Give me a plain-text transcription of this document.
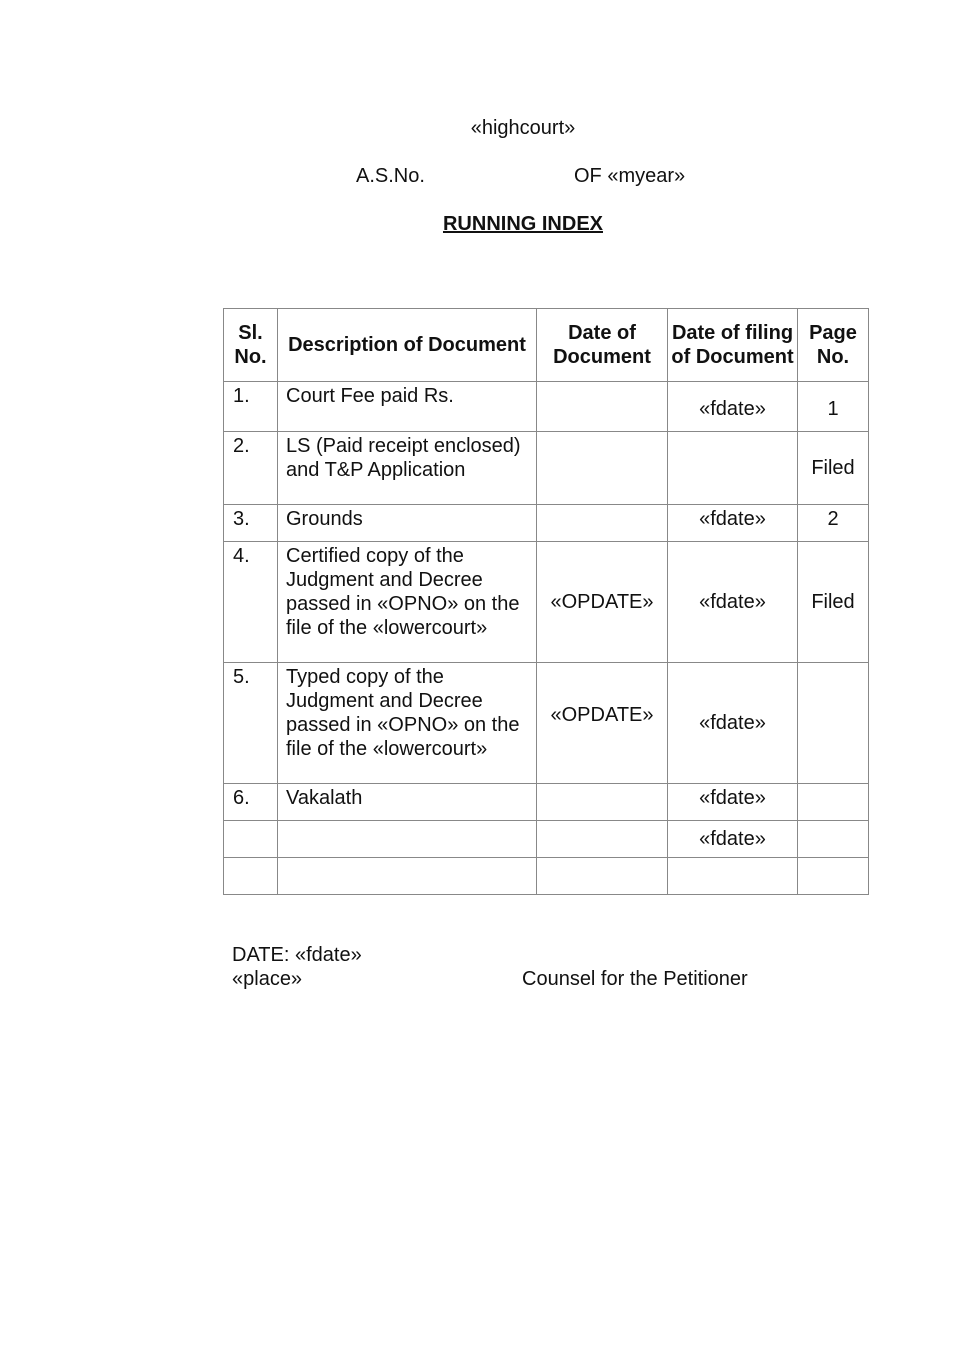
«highcourt»
A.S.No.	OF «myear»
RUNNING INDEX
Sl. No.	Description of Document	Date of Document	Date of filing of Document	Page No.
1.	Court Fee paid Rs.		«fdate»	1
2.	LS (Paid receipt enclosed) and T&P Application			Filed
3.	Grounds		«fdate»	2
4.	Certified copy of the Judgment and Decree passed in «OPNO» on the file of the «lowercourt»	«OPDATE»	«fdate»	Filed
5.	Typed copy of the Judgment and Decree passed in «OPNO» on the file of the «lowercourt»	«OPDATE»	«fdate»	
6.	Vakalath		«fdate»	
			«fdate»	

DATE: «fdate»
«place»	Counsel for the Petitioner
